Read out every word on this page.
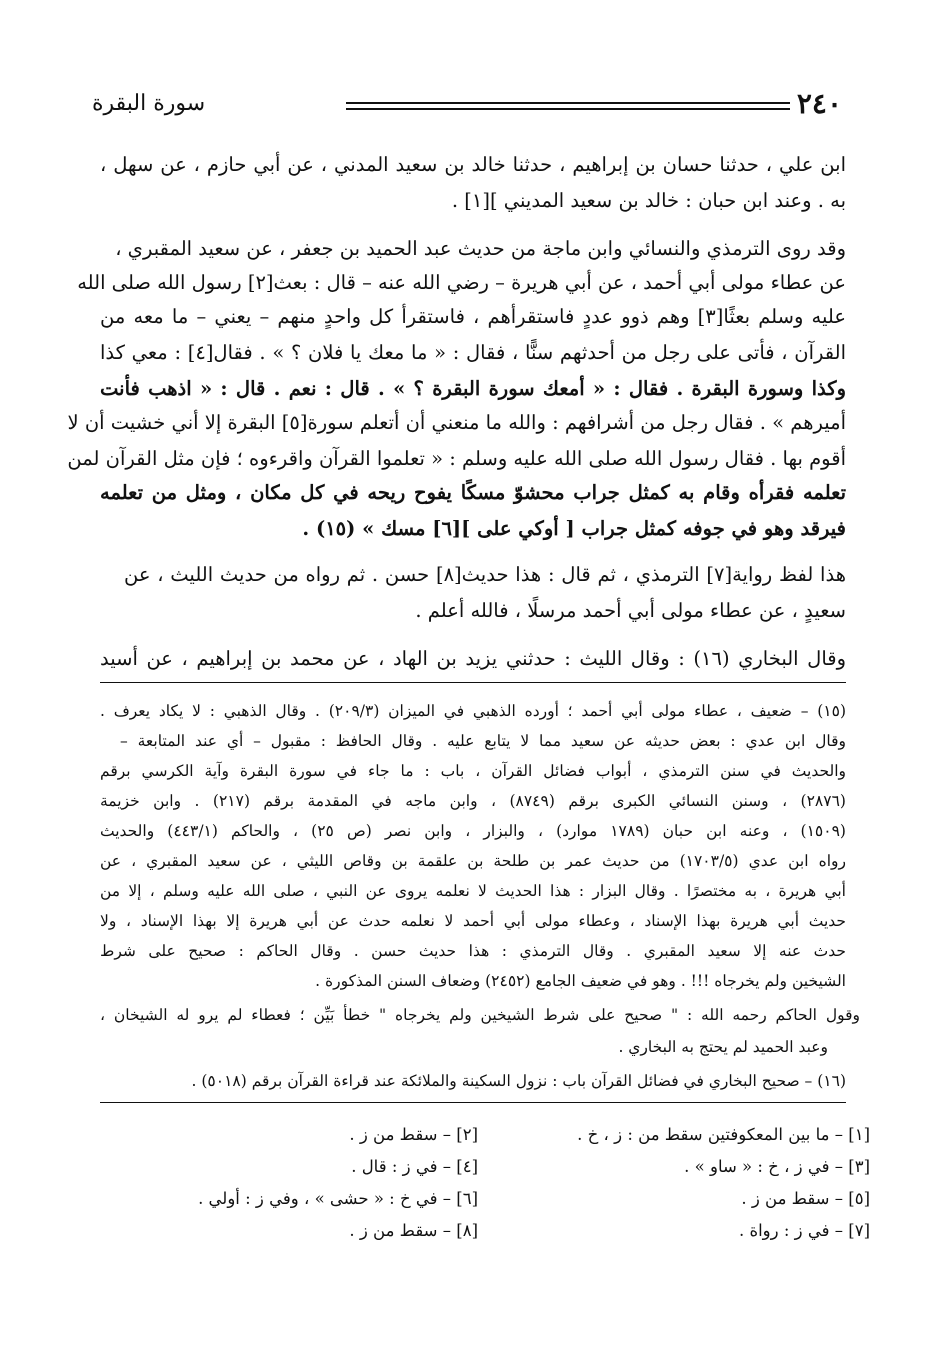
٢٤٠
سورة البقرة
ابن علي ، حدثنا حسان بن إبراهيم ، حدثنا خالد بن سعيد المدني ، عن أبي حازم ، عن سهل ،
به . وعند ابن حبان : خالد بن سعيد المديني ][١] .
وقد روى الترمذي والنسائي وابن ماجة من حديث عبد الحميد بن جعفر ، عن سعيد المقبري ،
عن عطاء مولى أبي أحمد ، عن أبي هريرة – رضي الله عنه – قال : بعث[٢] رسول الله صلى الله
عليه وسلم بعثًا[٣] وهم ذوو عددٍ فاستقرأهم ، فاستقرأ كل واحدٍ منهم – يعني – ما معه من
القرآن ، فأتى على رجل من أحدثهم سنًّا ، فقال : « ما معك يا فلان ؟ » . فقال[٤] : معي كذا
وكذا وسورة البقرة . فقال : « أمعك سورة البقرة ؟ » . قال : نعم . قال : « اذهب فأنت
أميرهم » . فقال رجل من أشرافهم : والله ما منعني أن أتعلم سورة[٥] البقرة إلا أني خشيت أن لا
أقوم بها . فقال رسول الله صلى الله عليه وسلم : « تعلموا القرآن واقرءوه ؛ فإن مثل القرآن لمن
تعلمه فقرأه وقام به كمثل جراب محشوّ مسكًا يفوح ريحه في كل مكان ، ومثل من تعلمه
فيرقد وهو في جوفه كمثل جراب [ أوكي على ][٦] مسك » (١٥) .
هذا لفظ رواية[٧] الترمذي ، ثم قال : هذا حديث[٨] حسن . ثم رواه من حديث الليث ، عن
سعيدٍ ، عن عطاء مولى أبي أحمد مرسلًا ، فالله أعلم .
وقال البخاري (١٦) : وقال الليث : حدثني يزيد بن الهاد ، عن محمد بن إبراهيم ، عن أسيد
(١٥) – ضعيف ، عطاء مولى أبي أحمد ؛ أورده الذهبي في الميزان (٢٠٩/٣) . وقال الذهبي : لا يكاد يعرف .
وقال ابن عدي : بعض حديثه عن سعيد مما لا يتابع عليه . وقال الحافظ : مقبول – أي عند المتابعة –
والحديث في سنن الترمذي ، أبواب فضائل القرآن ، باب : ما جاء في سورة البقرة وآية الكرسي برقم
(٢٨٧٦) ، وسنن النسائي الكبرى برقم (٨٧٤٩) ، وابن ماجه في المقدمة برقم (٢١٧) . وابن خزيمة
(١٥٠٩) ، وعنه ابن حبان (١٧٨٩ موارد) ، والبزار ، وابن نصر (ص ٢٥) ، والحاكم (٤٤٣/١) والحديث
رواه ابن عدي (١٧٠٣/٥) من حديث عمر بن طلحة بن علقمة بن وقاص الليثي ، عن سعيد المقبري ، عن
أبي هريرة ، به مختصرًا . وقال البزار : هذا الحديث لا نعلمه يروى عن النبي ، صلى الله عليه وسلم ، إلا من
حديث أبي هريرة بهذا الإسناد ، وعطاء مولى أبي أحمد لا نعلمه حدث عن أبي هريرة إلا بهذا الإسناد ، ولا
حدث عنه إلا سعيد المقبري . وقال الترمذي : هذا حديث حسن . وقال الحاكم : صحيح على شرط
الشيخين ولم يخرجاه !!! . وهو في ضعيف الجامع (٢٤٥٢) وضعاف السنن المذكورة .
وقول الحاكم رحمه الله : " صحيح على شرط الشيخين ولم يخرجاه " خطأ بَيِّن ؛ فعطاء لم يرو له الشيخان ،
وعبد الحميد لم يحتج به البخاري .
(١٦) – صحيح البخاري في فضائل القرآن باب : نزول السكينة والملائكة عند قراءة القرآن برقم (٥٠١٨) .
[١] – ما بين المعكوفتين سقط من : ز ، خ .
[٢] – سقط من ز .
[٣] – في ز ، خ : « ساو » .
[٤] – في ز : قال .
[٥] – سقط من ز .
[٦] – في خ : « حشى » ، وفي ز : أولي .
[٧] – في ز : رواة .
[٨] – سقط من ز .
